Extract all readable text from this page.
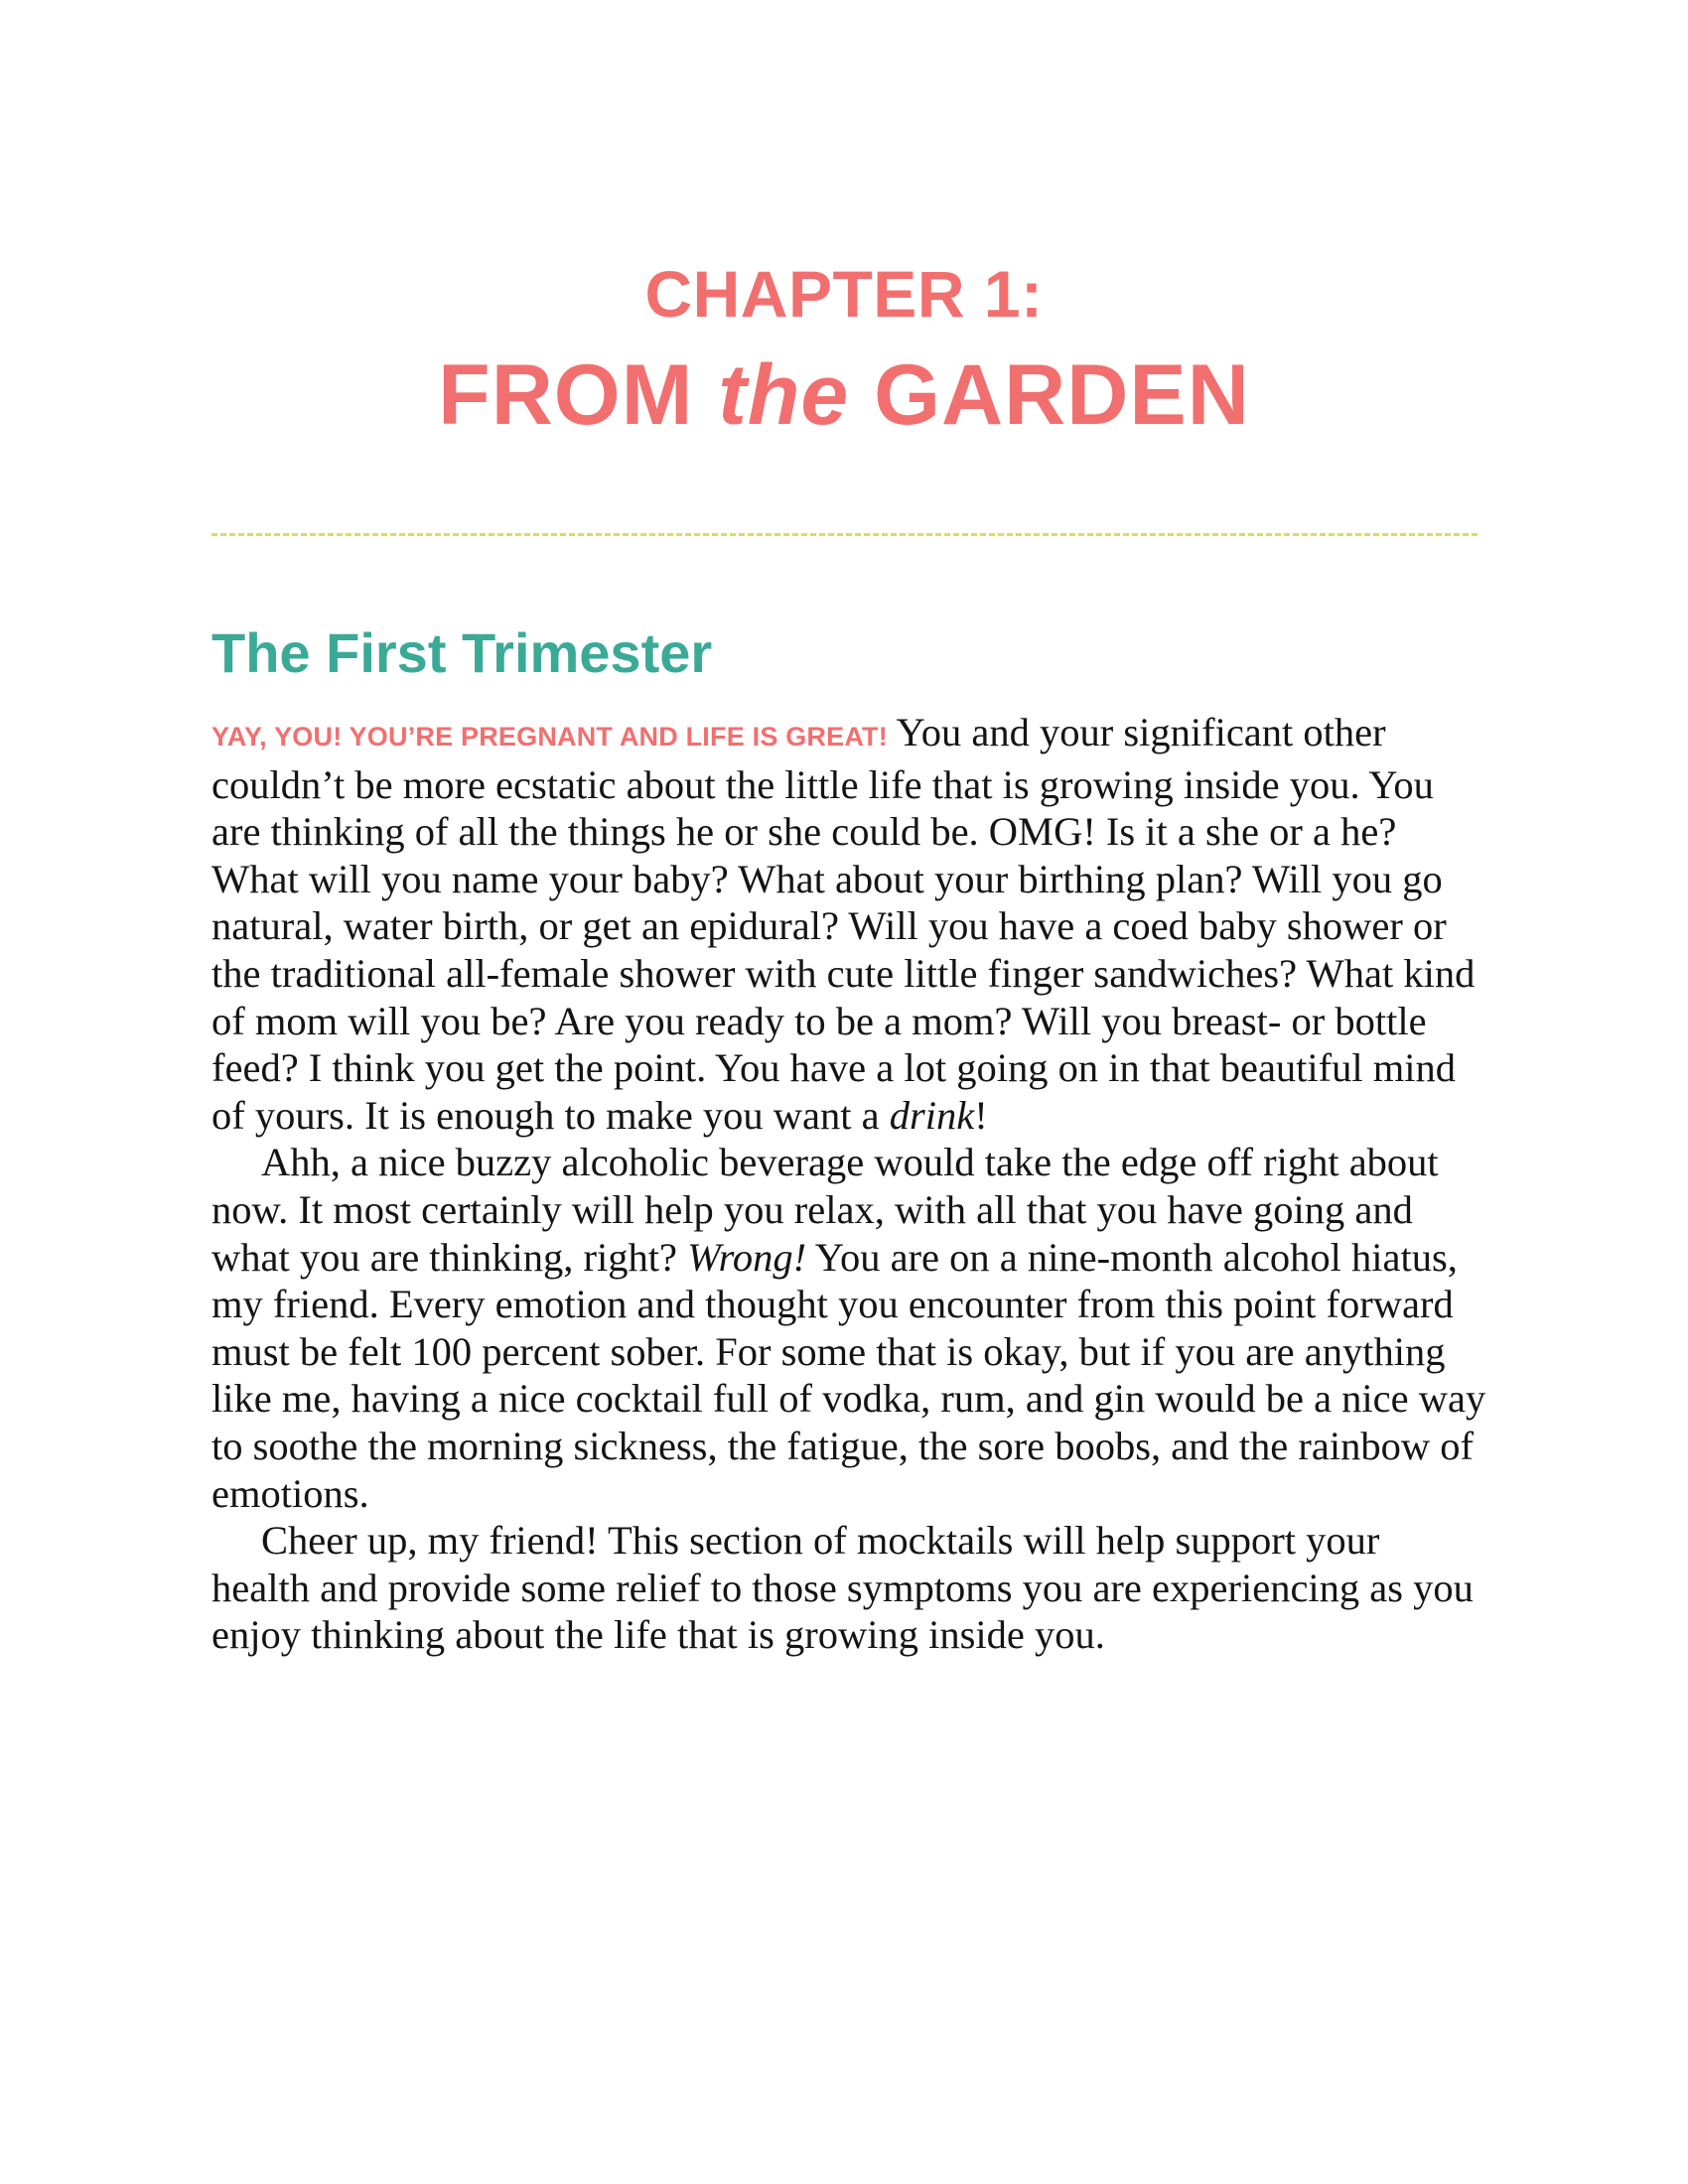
CHAPTER 1:
FROM the GARDEN
The First Trimester

YAY, YOU! YOU’RE PREGNANT AND LIFE IS GREAT! You and your significant other couldn’t be more ecstatic about the little life that is growing inside you. You are thinking of all the things he or she could be. OMG! Is it a she or a he? What will you name your baby? What about your birthing plan? Will you go natural, water birth, or get an epidural? Will you have a coed baby shower or the traditional all-female shower with cute little finger sandwiches? What kind of mom will you be? Are you ready to be a mom? Will you breast- or bottle feed? I think you get the point. You have a lot going on in that beautiful mind of yours. It is enough to make you want a drink!

Ahh, a nice buzzy alcoholic beverage would take the edge off right about now. It most certainly will help you relax, with all that you have going and what you are thinking, right? Wrong! You are on a nine-month alcohol hiatus, my friend. Every emotion and thought you encounter from this point forward must be felt 100 percent sober. For some that is okay, but if you are anything like me, having a nice cocktail full of vodka, rum, and gin would be a nice way to soothe the morning sickness, the fatigue, the sore boobs, and the rainbow of emotions.

Cheer up, my friend! This section of mocktails will help support your health and provide some relief to those symptoms you are experiencing as you enjoy thinking about the life that is growing inside you.
